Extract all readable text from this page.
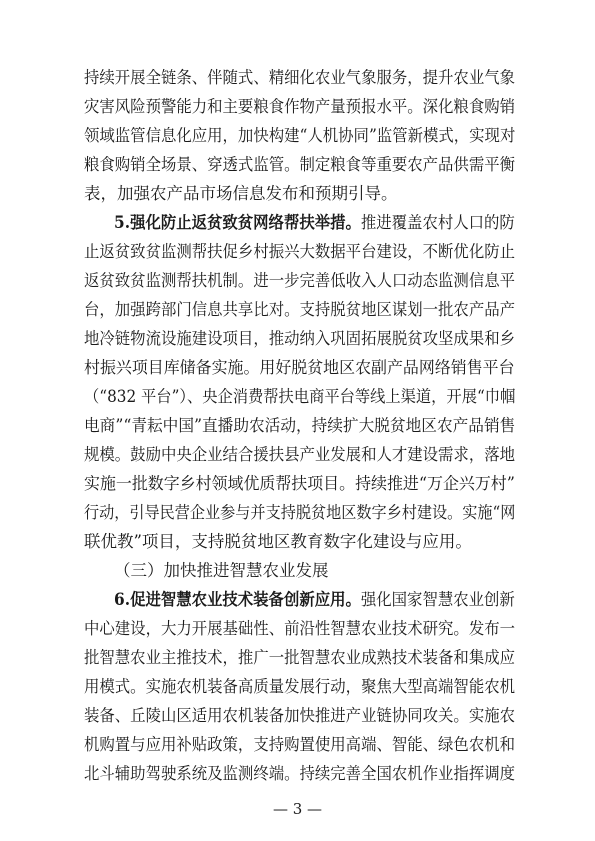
持续开展全链条、伴随式、精细化农业气象服务，提升农业气象
灾害风险预警能力和主要粮食作物产量预报水平。深化粮食购销
领域监管信息化应用，加快构建“人机协同”监管新模式，实现对
粮食购销全场景、穿透式监管。制定粮食等重要农产品供需平衡
表，加强农产品市场信息发布和预期引导。
5.强化防止返贫致贫网络帮扶举措。推进覆盖农村人口的防
止返贫致贫监测帮扶促乡村振兴大数据平台建设，不断优化防止
返贫致贫监测帮扶机制。进一步完善低收入人口动态监测信息平
台，加强跨部门信息共享比对。支持脱贫地区谋划一批农产品产
地冷链物流设施建设项目，推动纳入巩固拓展脱贫攻坚成果和乡
村振兴项目库储备实施。用好脱贫地区农副产品网络销售平台
（“832 平台”）、央企消费帮扶电商平台等线上渠道，开展“巾帼
电商”“青耘中国”直播助农活动，持续扩大脱贫地区农产品销售
规模。鼓励中央企业结合援扶县产业发展和人才建设需求，落地
实施一批数字乡村领域优质帮扶项目。持续推进“万企兴万村”
行动，引导民营企业参与并支持脱贫地区数字乡村建设。实施“网
联优教”项目，支持脱贫地区教育数字化建设与应用。
（三）加快推进智慧农业发展
6.促进智慧农业技术装备创新应用。强化国家智慧农业创新
中心建设，大力开展基础性、前沿性智慧农业技术研究。发布一
批智慧农业主推技术，推广一批智慧农业成熟技术装备和集成应
用模式。实施农机装备高质量发展行动，聚焦大型高端智能农机
装备、丘陵山区适用农机装备加快推进产业链协同攻关。实施农
机购置与应用补贴政策，支持购置使用高端、智能、绿色农机和
北斗辅助驾驶系统及监测终端。持续完善全国农机作业指挥调度
— 3 —
